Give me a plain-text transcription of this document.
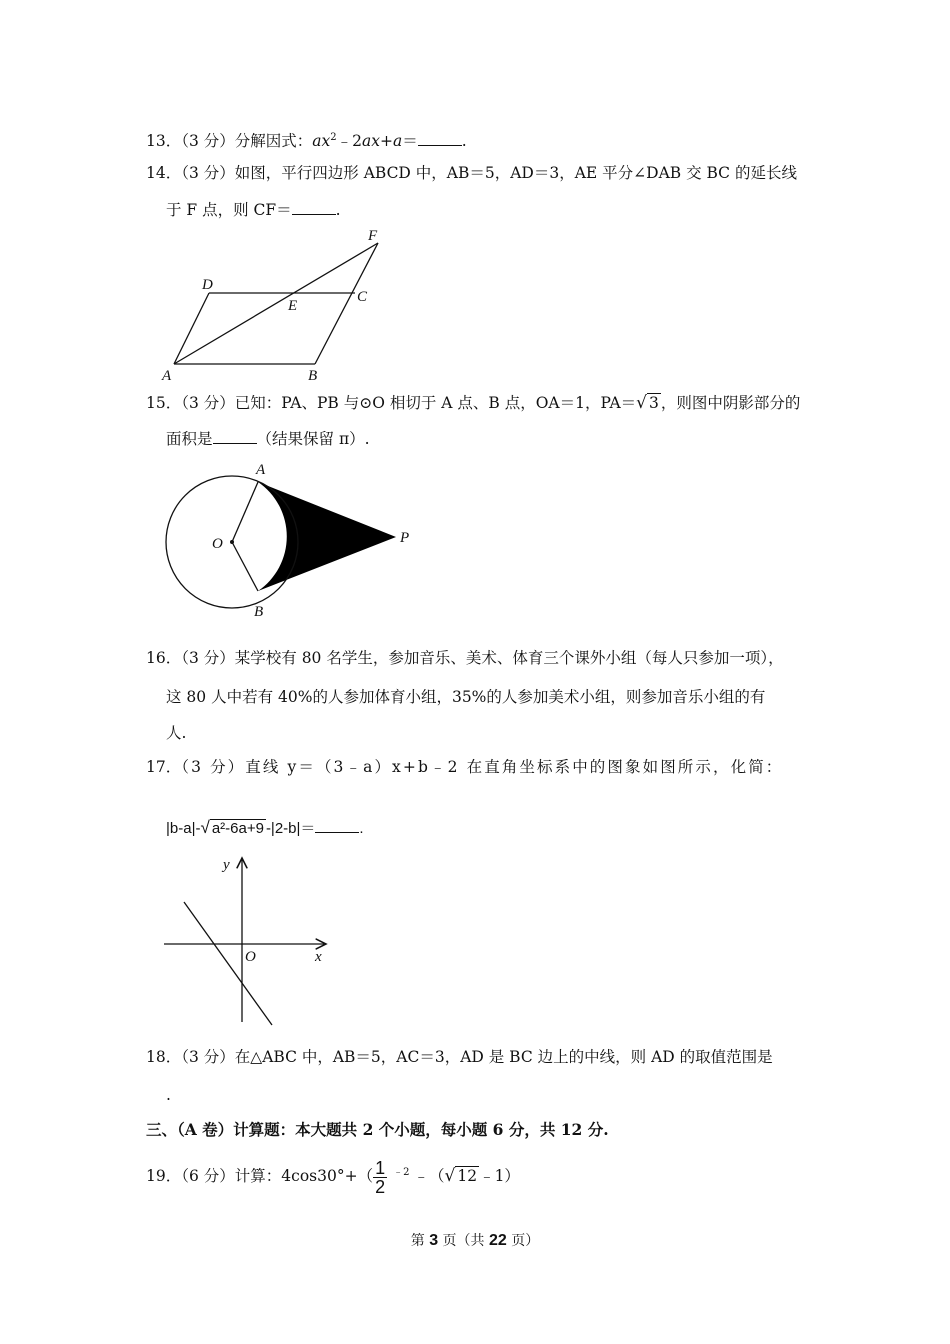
13．（3 分）分解因式：$ax^2﹣2ax+a=$	.
14．（3 分）如图，平行四边形 ABCD 中，AB＝5，AD＝3，AE 平分∠DAB 交 BC 的延长线
于 F 点，则 CF＝	.
A	B
C
D
E
F
15．（3 分）已知：PA、PB 与⊙O 相切于 A 点、B 点，OA＝1，PA＝√ 3 ，则图中阴影部分的
面积是	（结果保留 π）.
A
B
O	P
16．（3 分）某学校有 80 名学生，参加音乐、美术、体育三个课外小组（每人只参加一项），
这 80 人中若有 40%的人参加体育小组，35%的人参加美术小组，则参加音乐小组的有
人.
17．（3 分）直线 y＝（3﹣a）x+b﹣2 在直角坐标系中的图象如图所示，化简：
|b-a|-√ a²-6a+9 -|2-b|＝	.
y
O	x
18．（3 分）在△ABC 中，AB＝5，AC＝3，AD 是 BC 边上的中线，则 AD 的取值范围是
.
三、（A 卷）计算题：本大题共 2 个小题，每小题 6 分，共 12 分.
19．（6 分）计算：$4\cos 30^\circ+( \frac{1}{2} ^{﹣2}$ ﹣（√ 12 ﹣1）
第 3 页（共 22 页）
